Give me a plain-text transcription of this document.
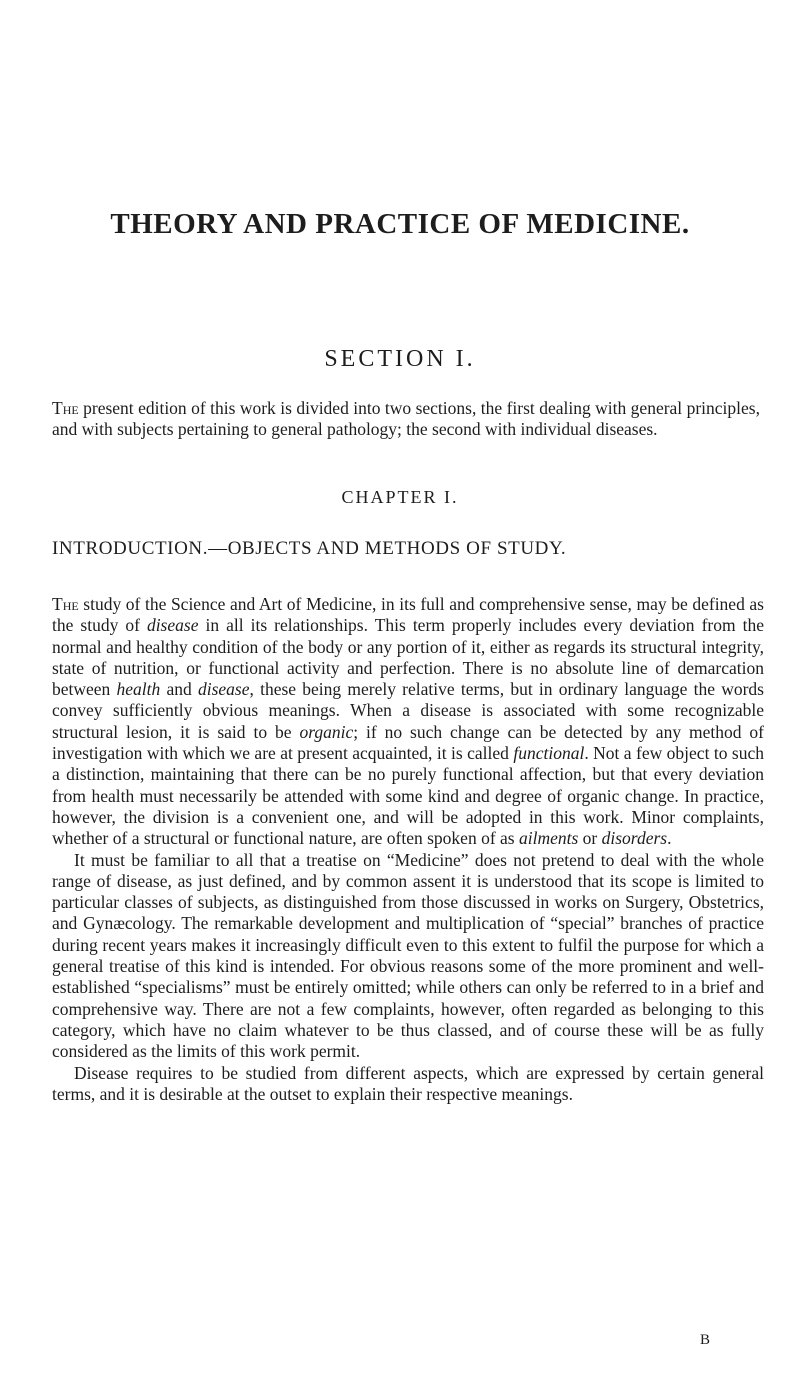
THEORY AND PRACTICE OF MEDICINE.
SECTION I.
The present edition of this work is divided into two sections, the first dealing with general principles, and with subjects pertaining to general pathology; the second with individual diseases.
CHAPTER I.
INTRODUCTION.—OBJECTS AND METHODS OF STUDY.

The study of the Science and Art of Medicine, in its full and comprehensive sense, may be defined as the study of disease in all its relationships. This term properly includes every deviation from the normal and healthy condition of the body or any portion of it, either as regards its structural integrity, state of nutrition, or functional activity and perfection. There is no absolute line of demarcation between health and disease, these being merely relative terms, but in ordinary language the words convey sufficiently obvious meanings. When a disease is associated with some recognizable structural lesion, it is said to be organic; if no such change can be detected by any method of investigation with which we are at present acquainted, it is called functional. Not a few object to such a distinction, maintaining that there can be no purely functional affection, but that every deviation from health must necessarily be attended with some kind and degree of organic change. In practice, however, the division is a convenient one, and will be adopted in this work. Minor complaints, whether of a structural or functional nature, are often spoken of as ailments or disorders.

It must be familiar to all that a treatise on “Medicine” does not pretend to deal with the whole range of disease, as just defined, and by common assent it is understood that its scope is limited to particular classes of subjects, as distinguished from those discussed in works on Surgery, Obstetrics, and Gynæcology. The remarkable development and multiplication of “special” branches of practice during recent years makes it increasingly difficult even to this extent to fulfil the purpose for which a general treatise of this kind is intended. For obvious reasons some of the more prominent and well-established “specialisms” must be entirely omitted; while others can only be referred to in a brief and comprehensive way. There are not a few complaints, however, often regarded as belonging to this category, which have no claim whatever to be thus classed, and of course these will be as fully considered as the limits of this work permit.

Disease requires to be studied from different aspects, which are expressed by certain general terms, and it is desirable at the outset to explain their respective meanings.

B
